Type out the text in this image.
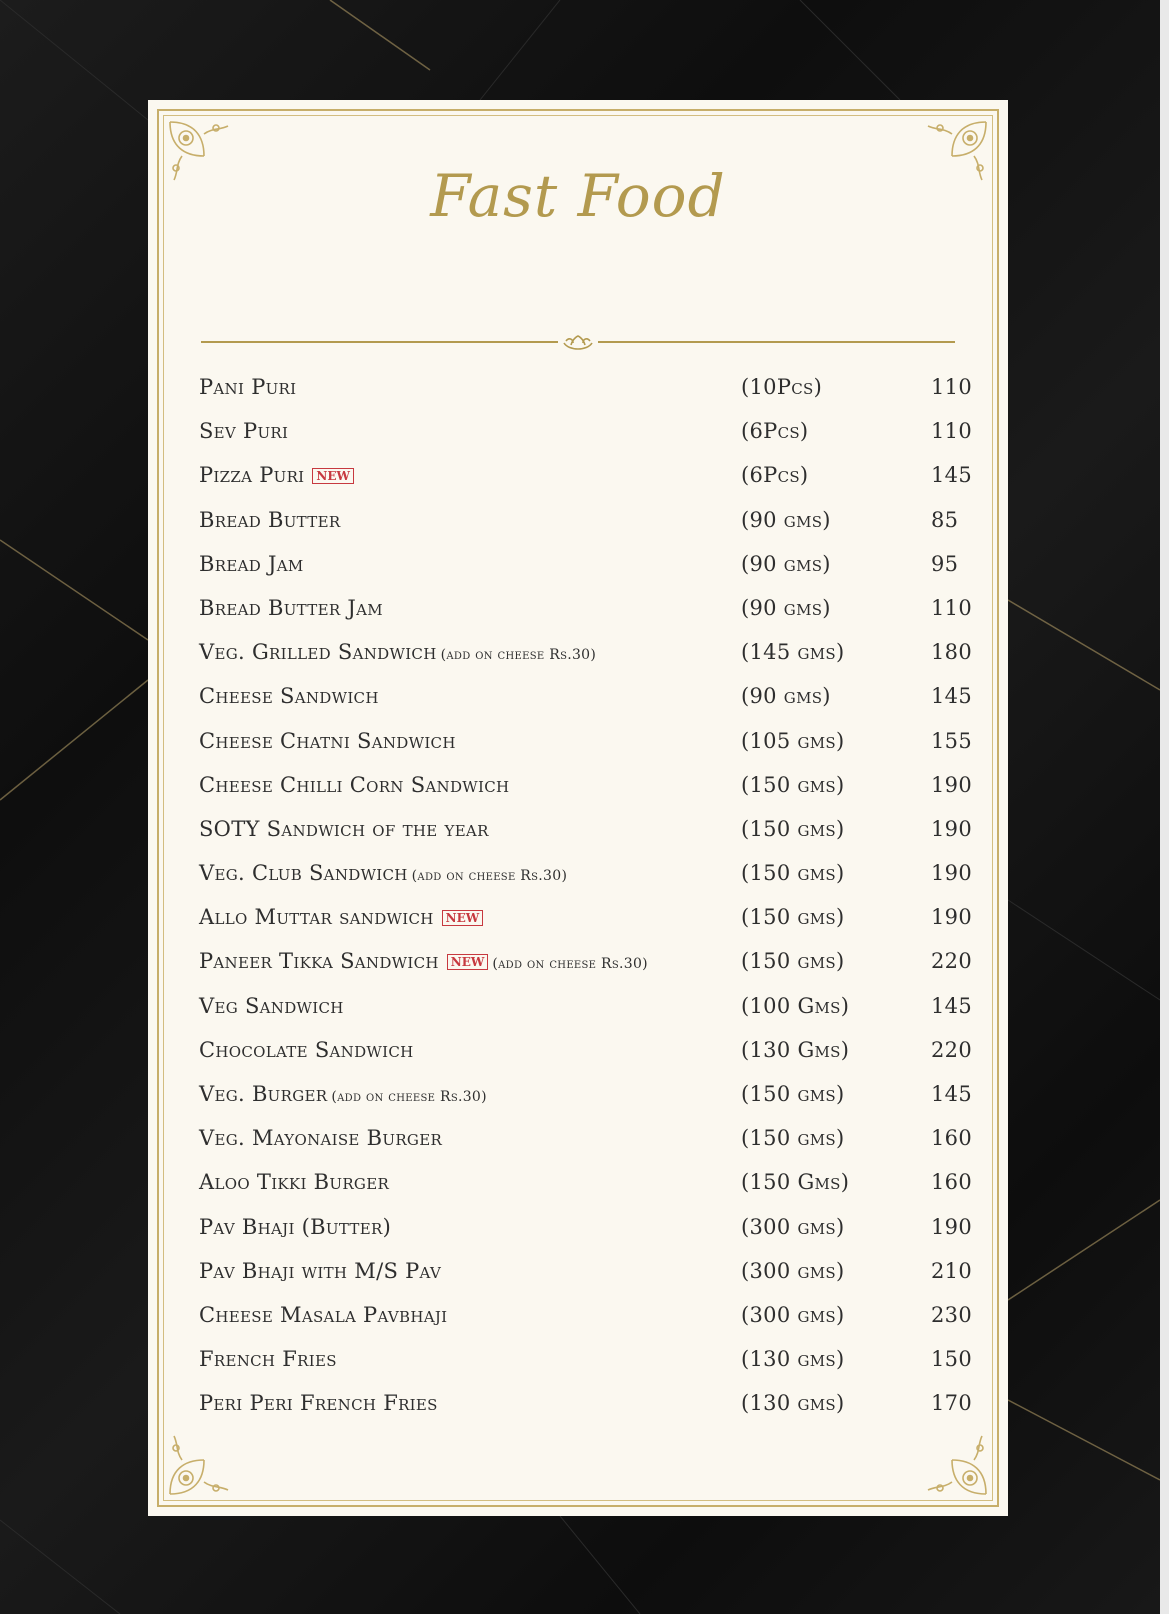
Fast Food
Pani Puri	(10Pcs)	110
Sev Puri	(6Pcs)	110
Pizza Puri NEW	(6Pcs)	145
Bread Butter	(90 gms)	85
Bread Jam	(90 gms)	95
Bread Butter Jam	(90 gms)	110
Veg. Grilled Sandwich (add on cheese Rs.30)	(145 gms)	180
Cheese Sandwich	(90 gms)	145
Cheese Chatni Sandwich	(105 gms)	155
Cheese Chilli Corn Sandwich	(150 gms)	190
SOTY Sandwich of the year	(150 gms)	190
Veg. Club Sandwich (add on cheese Rs.30)	(150 gms)	190
Allo Muttar sandwich NEW	(150 gms)	190
Paneer Tikka Sandwich NEW (add on cheese Rs.30)	(150 gms)	220
Veg Sandwich	(100 Gms)	145
Chocolate Sandwich	(130 Gms)	220
Veg. Burger (add on cheese Rs.30)	(150 gms)	145
Veg. Mayonaise Burger	(150 gms)	160
Aloo Tikki Burger	(150 Gms)	160
Pav Bhaji (Butter)	(300 gms)	190
Pav Bhaji with M/S Pav	(300 gms)	210
Cheese Masala Pavbhaji	(300 gms)	230
French Fries	(130 gms)	150
Peri Peri French Fries	(130 gms)	170
